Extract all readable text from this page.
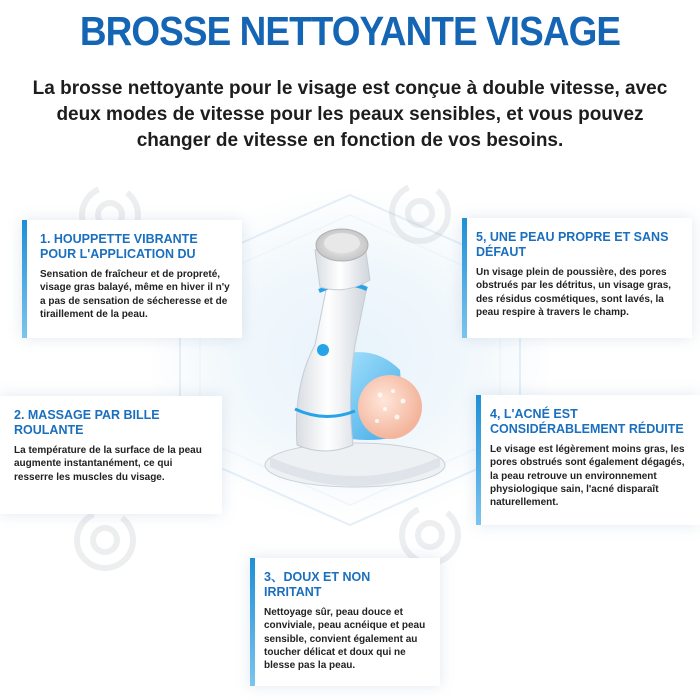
BROSSE NETTOYANTE VISAGE
La brosse nettoyante pour le visage est conçue à double vitesse, avec deux modes de vitesse pour les peaux sensibles, et vous pouvez changer de vitesse en fonction de vos besoins.
1. HOUPPETTE VIBRANTE POUR L'APPLICATION DU

Sensation de fraîcheur et de propreté, visage gras balayé, même en hiver il n'y a pas de sensation de sécheresse et de tiraillement de la peau.

2. MASSAGE PAR BILLE ROULANTE

La température de la surface de la peau augmente instantanément, ce qui resserre les muscles du visage.

3、DOUX ET NON IRRITANT

Nettoyage sûr, peau douce et conviviale, peau acnéique et peau sensible, convient également au toucher délicat et doux qui ne blesse pas la peau.

4, L'ACNÉ EST CONSIDÉRABLEMENT RÉDUITE

Le visage est légèrement moins gras, les pores obstrués sont également dégagés, la peau retrouve un environnement physiologique sain, l'acné disparaît naturellement.

5, UNE PEAU PROPRE ET SANS DÉFAUT

Un visage plein de poussière, des pores obstrués par les détritus, un visage gras, des résidus cosmétiques, sont lavés, la peau respire à travers le champ.
